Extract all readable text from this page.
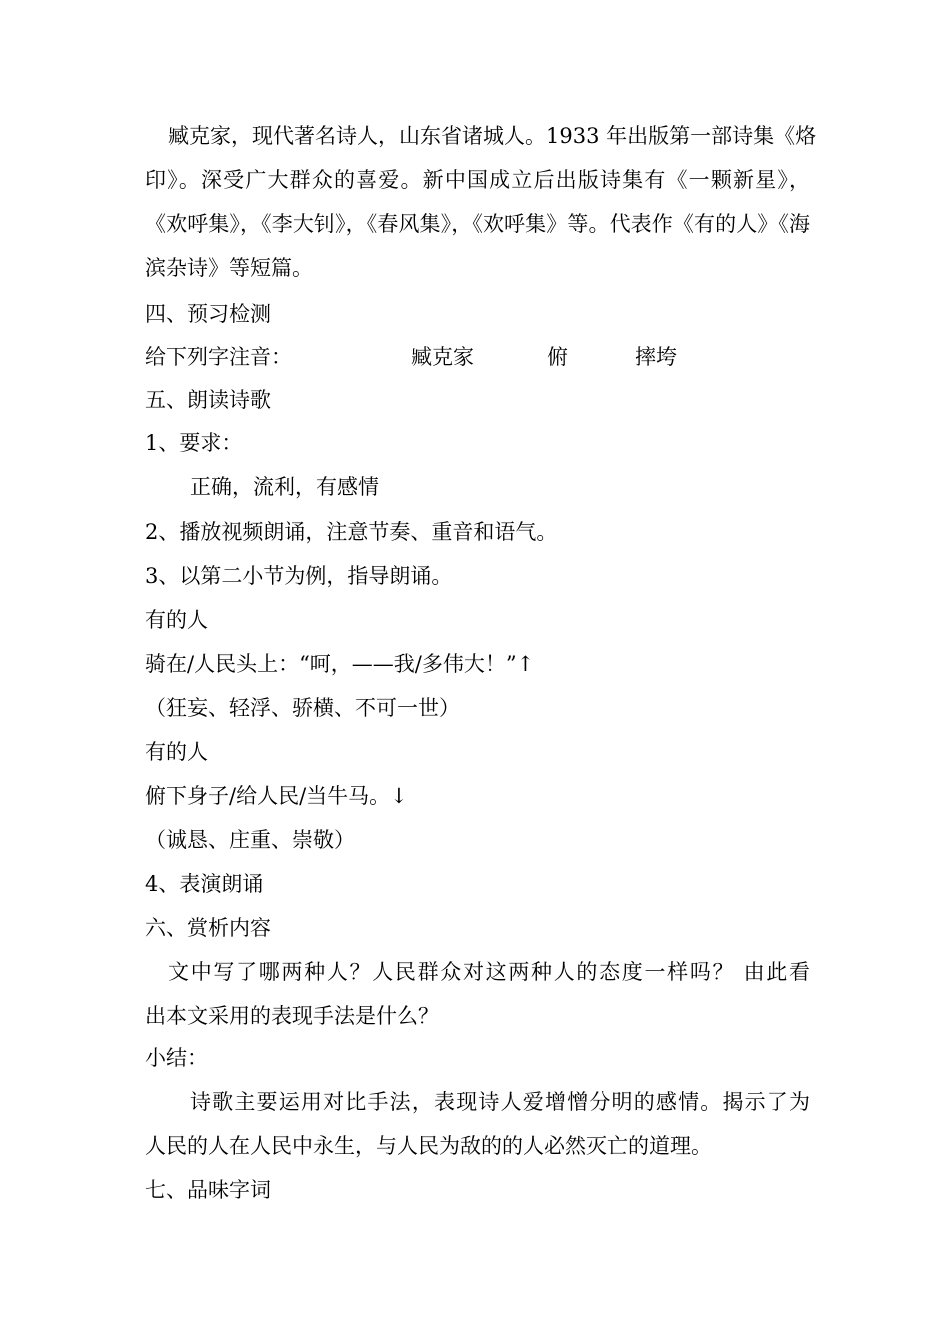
臧克家，现代著名诗人，山东省诸城人。1933 年出版第一部诗集《烙
印》。深受广大群众的喜爱。新中国成立后出版诗集有《一颗新星》，
《欢呼集》，《李大钊》，《春风集》，《欢呼集》等。代表作《有的人》《海
滨杂诗》等短篇。
四、预习检测
给下列字注音：	臧克家	俯	摔垮
五、朗读诗歌
1、要求：
正确，流利，有感情
2、播放视频朗诵，注意节奏、重音和语气。
3、以第二小节为例，指导朗诵。
有的人
骑在/人民头上：“呵，——我/多伟大！”↑
（狂妄、轻浮、骄横、不可一世）
有的人
俯下身子/给人民/当牛马。↓
（诚恳、庄重、崇敬）
4、表演朗诵
六、赏析内容
文中写了哪两种人？人民群众对这两种人的态度一样吗？ 由此看
出本文采用的表现手法是什么？
小结：
诗歌主要运用对比手法，表现诗人爱增憎分明的感情。揭示了为
人民的人在人民中永生，与人民为敌的的人必然灭亡的道理。
七、品味字词
